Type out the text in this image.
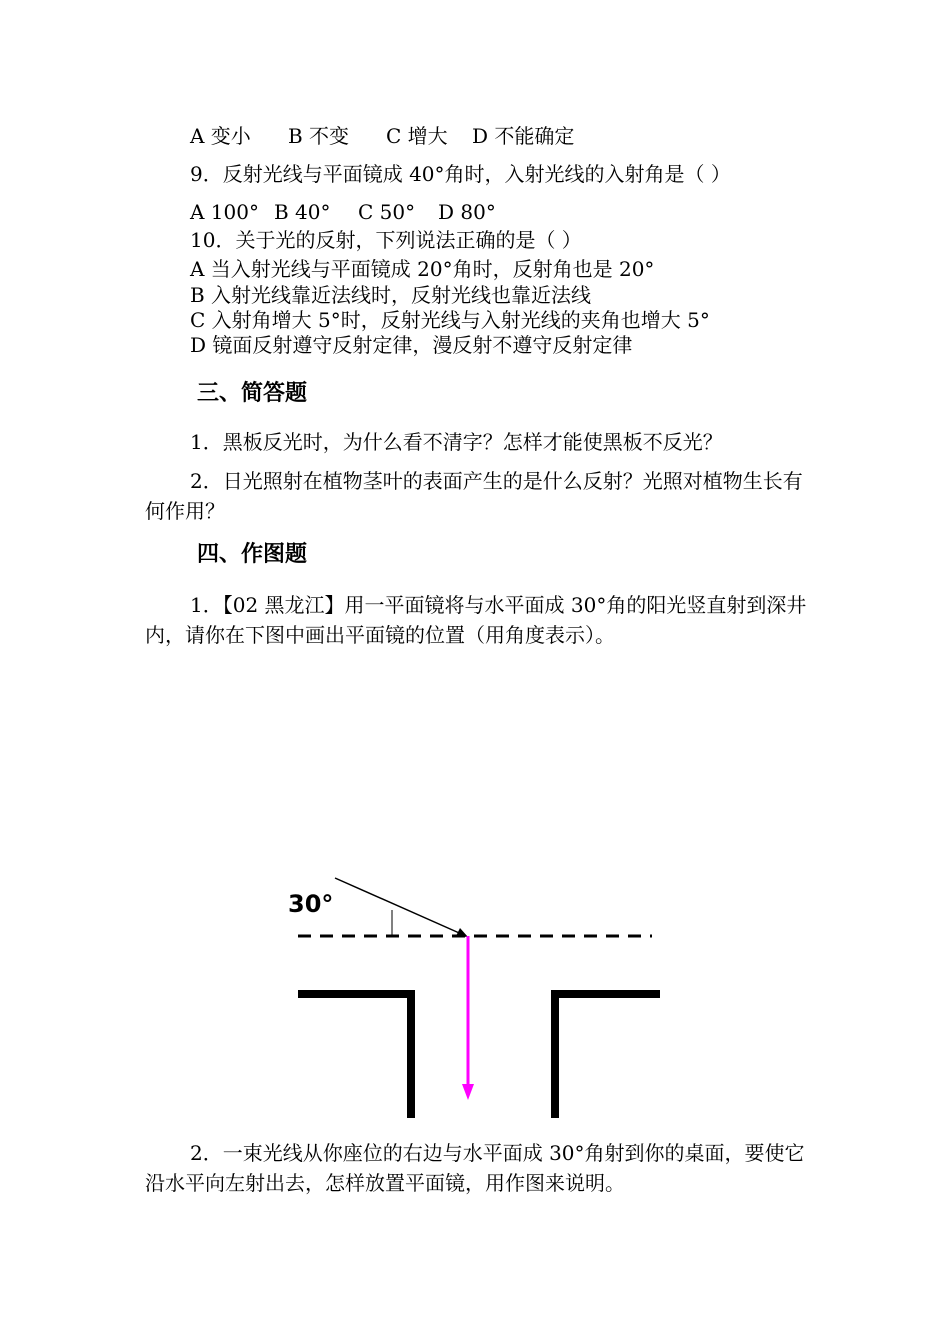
A 变小 B 不变 C 增大 D 不能确定
9．反射光线与平面镜成 40°角时，入射光线的入射角是（ ）
A 100° B 40° C 50° D 80°
10．关于光的反射，下列说法正确的是（ ）
A 当入射光线与平面镜成 20°角时，反射角也是 20°
B 入射光线靠近法线时，反射光线也靠近法线
C 入射角增大 5°时，反射光线与入射光线的夹角也增大 5°
D 镜面反射遵守反射定律，漫反射不遵守反射定律
三、简答题
1．黑板反光时，为什么看不清字？怎样才能使黑板不反光？
2．日光照射在植物茎叶的表面产生的是什么反射？光照对植物生长有何作用？
四、作图题
1．【02 黑龙江】用一平面镜将与水平面成 30°角的阳光竖直射到深井内，请你在下图中画出平面镜的位置（用角度表示）。
30°
2．一束光线从你座位的右边与水平面成 30°角射到你的桌面，要使它沿水平向左射出去，怎样放置平面镜，用作图来说明。
